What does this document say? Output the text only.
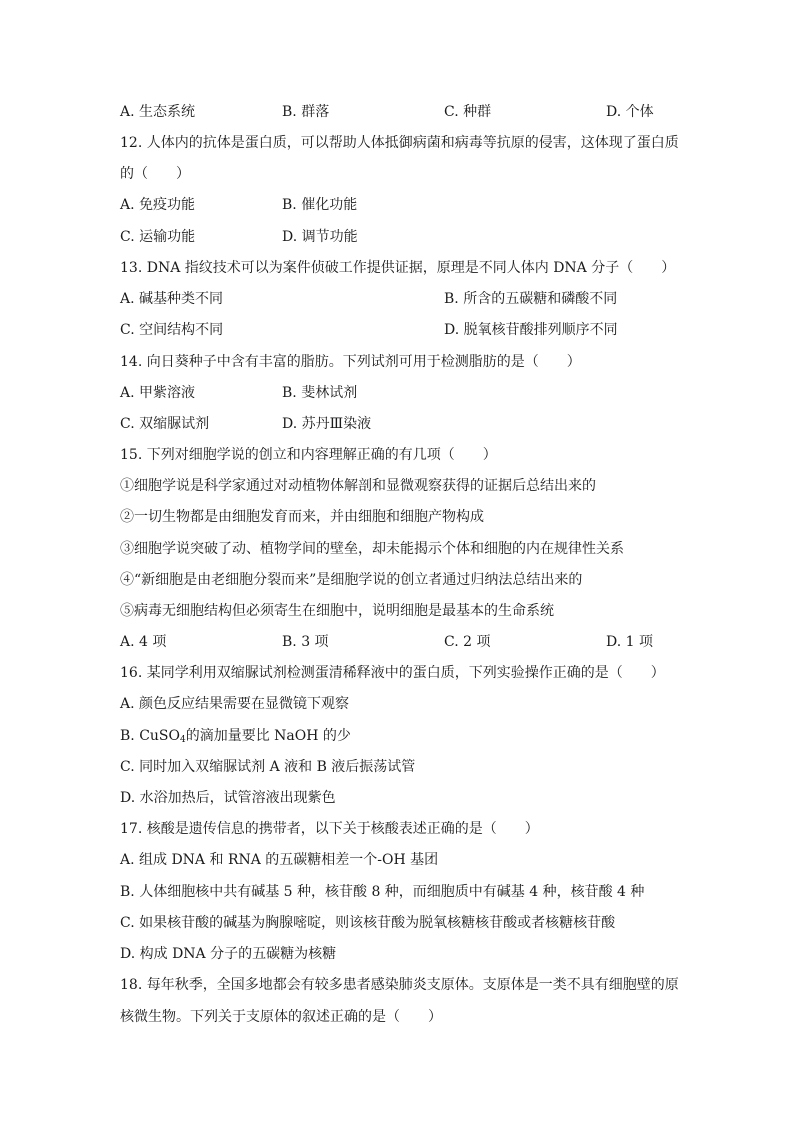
A. 生态系统	B. 群落	C. 种群	D. 个体
12. 人体内的抗体是蛋白质，可以帮助人体抵御病菌和病毒等抗原的侵害，这体现了蛋白质
的（　　）
A. 免疫功能	B. 催化功能
C. 运输功能	D. 调节功能
13. DNA 指纹技术可以为案件侦破工作提供证据，原理是不同人体内 DNA 分子（　　）
A. 碱基种类不同	B. 所含的五碳糖和磷酸不同
C. 空间结构不同	D. 脱氧核苷酸排列顺序不同
14. 向日葵种子中含有丰富的脂肪。下列试剂可用于检测脂肪的是（　　）
A. 甲紫溶液	B. 斐林试剂
C. 双缩脲试剂	D. 苏丹Ⅲ染液
15. 下列对细胞学说的创立和内容理解正确的有几项（　　）
①细胞学说是科学家通过对动植物体解剖和显微观察获得的证据后总结出来的
②一切生物都是由细胞发育而来，并由细胞和细胞产物构成
③细胞学说突破了动、植物学间的壁垒，却未能揭示个体和细胞的内在规律性关系
④“新细胞是由老细胞分裂而来”是细胞学说的创立者通过归纳法总结出来的
⑤病毒无细胞结构但必须寄生在细胞中，说明细胞是最基本的生命系统
A. 4 项	B. 3 项	C. 2 项	D. 1 项
16. 某同学利用双缩脲试剂检测蛋清稀释液中的蛋白质，下列实验操作正确的是（　　）
A. 颜色反应结果需要在显微镜下观察
B. CuSO$_4$的滴加量要比 NaOH 的少
C. 同时加入双缩脲试剂 A 液和 B 液后振荡试管
D. 水浴加热后，试管溶液出现紫色
17. 核酸是遗传信息的携带者，以下关于核酸表述正确的是（　　）
A. 组成 DNA 和 RNA 的五碳糖相差一个-OH 基团
B. 人体细胞核中共有碱基 5 种，核苷酸 8 种，而细胞质中有碱基 4 种，核苷酸 4 种
C. 如果核苷酸的碱基为胸腺嘧啶，则该核苷酸为脱氧核糖核苷酸或者核糖核苷酸
D. 构成 DNA 分子的五碳糖为核糖
18. 每年秋季，全国多地都会有较多患者感染肺炎支原体。支原体是一类不具有细胞壁的原
核微生物。下列关于支原体的叙述正确的是（　　）
